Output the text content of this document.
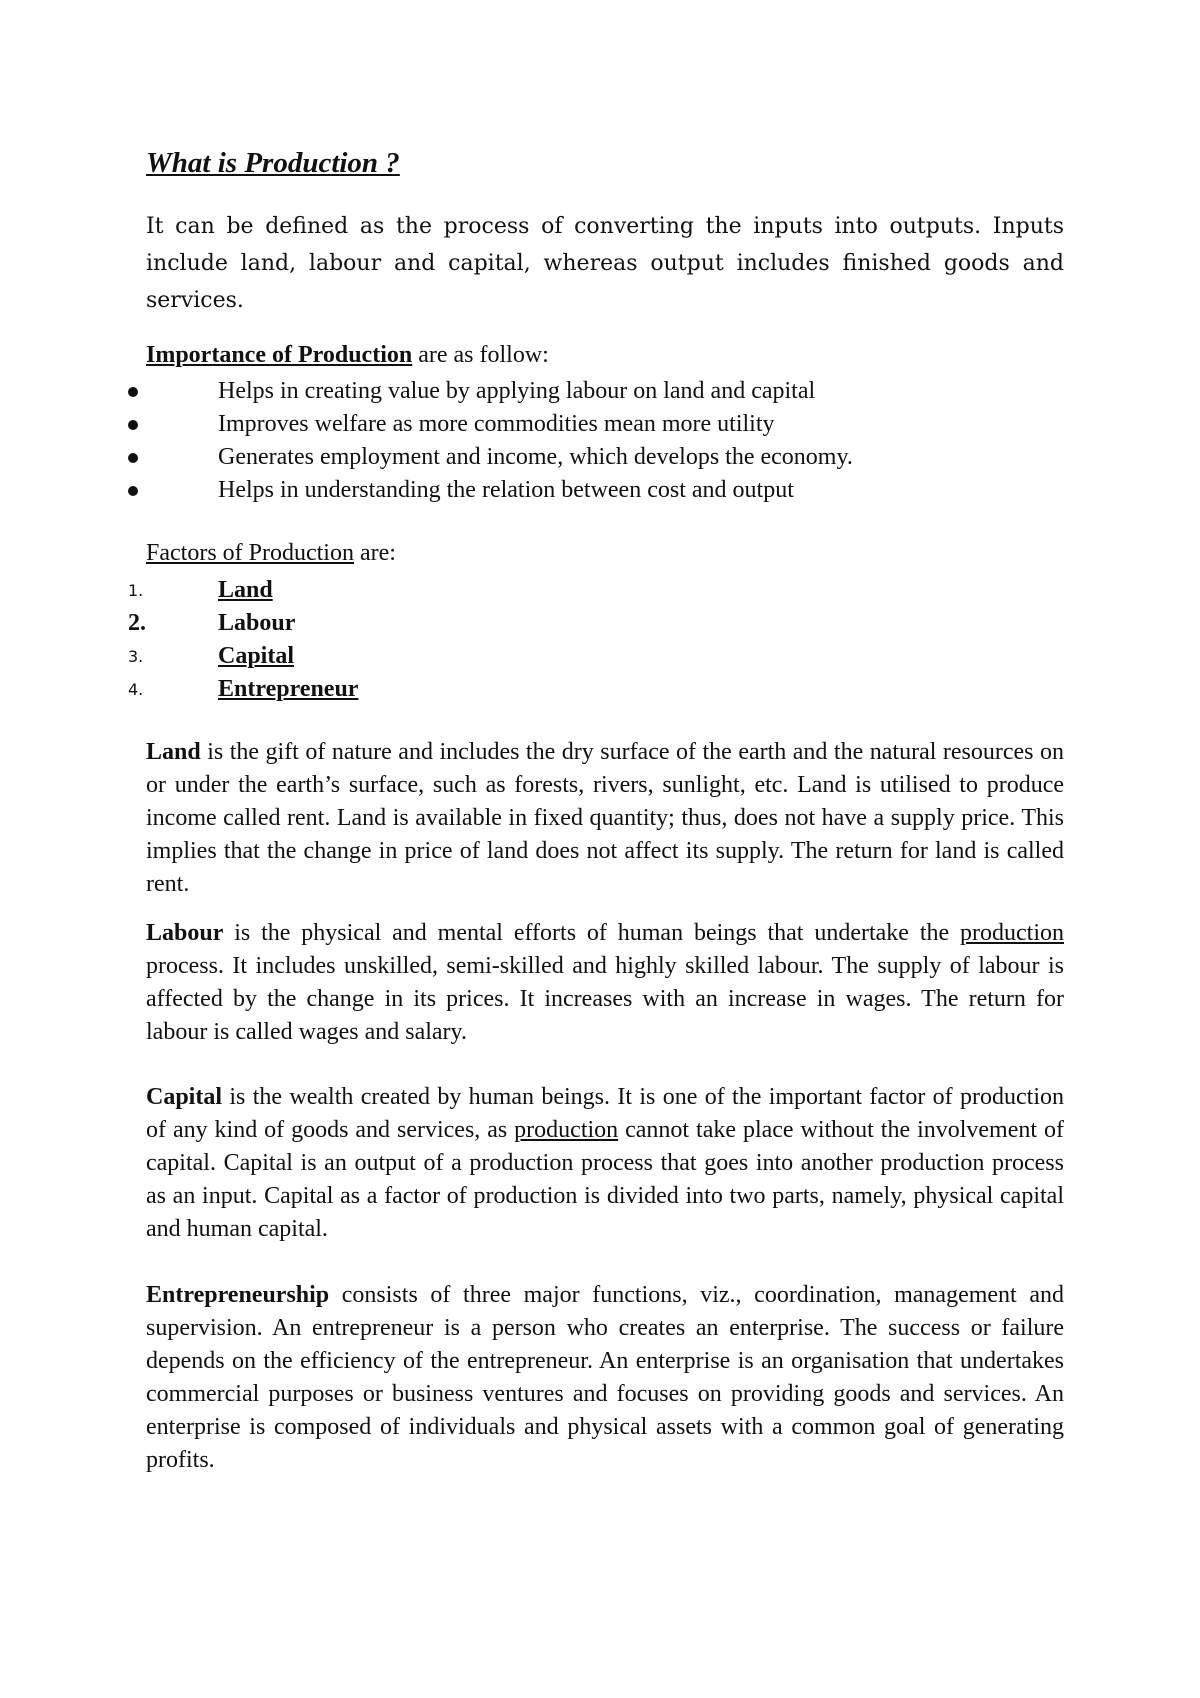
What is Production ?

It can be defined as the process of converting the inputs into outputs. Inputs include land, labour and capital, whereas output includes finished goods and services.

Importance of Production are as follow:

Helps in creating value by applying labour on land and capital
Improves welfare as more commodities mean more utility
Generates employment and income, which develops the economy.
Helps in understanding the relation between cost and output

Factors of Production are:

1.	Land
2.	Labour
3.	Capital
4.	Entrepreneur

Land is the gift of nature and includes the dry surface of the earth and the natural resources on or under the earth’s surface, such as forests, rivers, sunlight, etc. Land is utilised to produce income called rent. Land is available in fixed quantity; thus, does not have a supply price. This implies that the change in price of land does not affect its supply. The return for land is called rent.

Labour is the physical and mental efforts of human beings that undertake the production process. It includes unskilled, semi-skilled and highly skilled labour. The supply of labour is affected by the change in its prices. It increases with an increase in wages. The return for labour is called wages and salary.

Capital is the wealth created by human beings. It is one of the important factor of production of any kind of goods and services, as production cannot take place without the involvement of capital. Capital is an output of a production process that goes into another production process as an input. Capital as a factor of production is divided into two parts, namely, physical capital and human capital.

Entrepreneurship consists of three major functions, viz., coordination, management and supervision. An entrepreneur is a person who creates an enterprise. The success or failure depends on the efficiency of the entrepreneur. An enterprise is an organisation that undertakes commercial purposes or business ventures and focuses on providing goods and services. An enterprise is composed of individuals and physical assets with a common goal of generating profits.
